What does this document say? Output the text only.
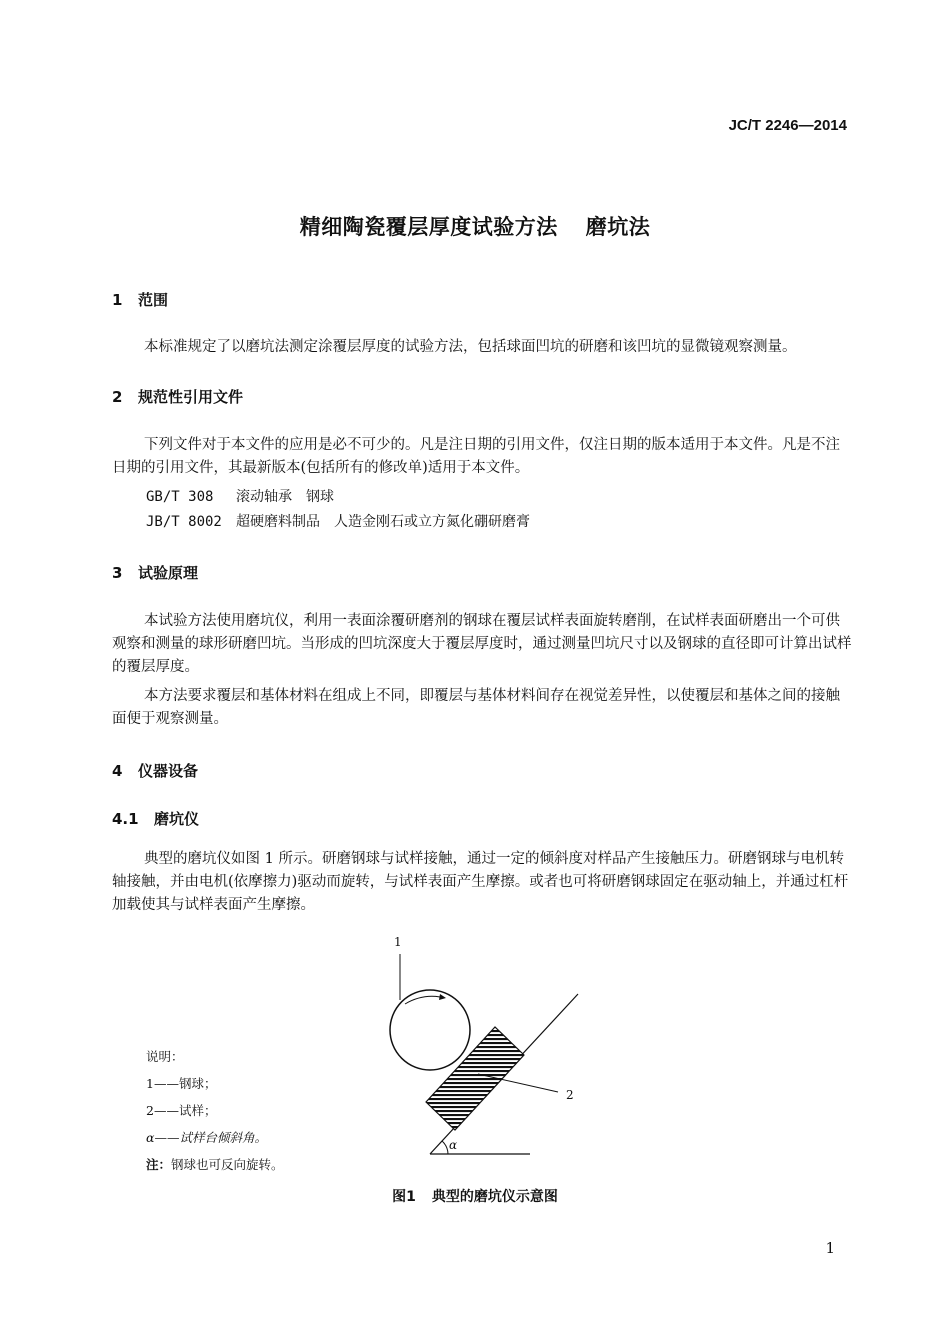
JC/T 2246—2014
精细陶瓷覆层厚度试验方法 磨坑法
1 范围
本标准规定了以磨坑法测定涂覆层厚度的试验方法，包括球面凹坑的研磨和该凹坑的显微镜观察测量。
2 规范性引用文件
下列文件对于本文件的应用是必不可少的。凡是注日期的引用文件，仅注日期的版本适用于本文件。凡是不注日期的引用文件，其最新版本(包括所有的修改单)适用于本文件。
GB/T 308 滚动轴承　钢球
JB/T 8002 超硬磨料制品　人造金刚石或立方氮化硼研磨膏
3 试验原理
本试验方法使用磨坑仪，利用一表面涂覆研磨剂的钢球在覆层试样表面旋转磨削，在试样表面研磨出一个可供观察和测量的球形研磨凹坑。当形成的凹坑深度大于覆层厚度时，通过测量凹坑尺寸以及钢球的直径即可计算出试样的覆层厚度。
本方法要求覆层和基体材料在组成上不同，即覆层与基体材料间存在视觉差异性，以使覆层和基体之间的接触面便于观察测量。
4 仪器设备
4.1 磨坑仪
典型的磨坑仪如图 1 所示。研磨钢球与试样接触，通过一定的倾斜度对样品产生接触压力。研磨钢球与电机转轴接触，并由电机(依摩擦力)驱动而旋转，与试样表面产生摩擦。或者也可将研磨钢球固定在驱动轴上，并通过杠杆加载使其与试样表面产生摩擦。
α
1
2
说明：
1——钢球；
2——试样；
α——试样台倾斜角。
注：钢球也可反向旋转。
图1 典型的磨坑仪示意图
1
